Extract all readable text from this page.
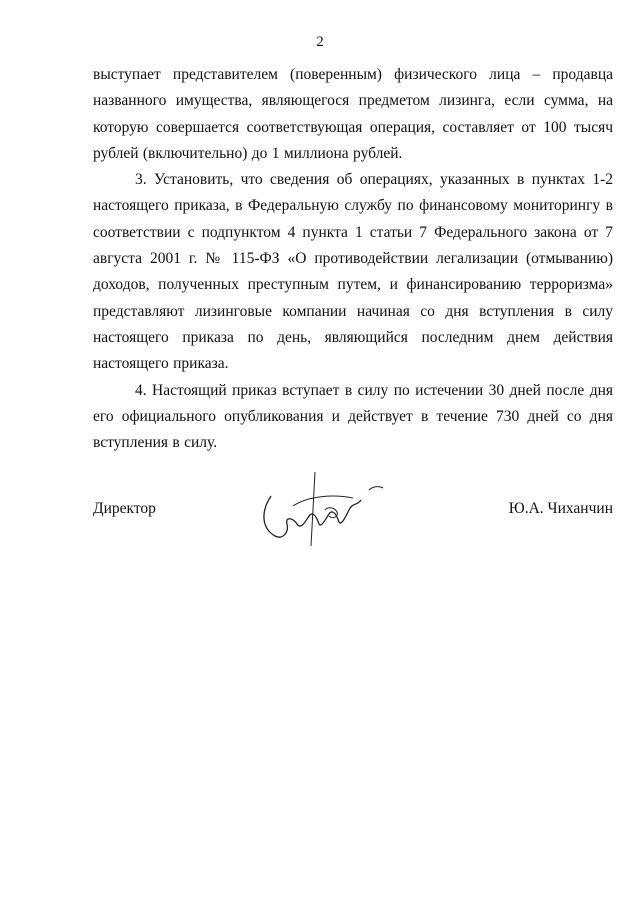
2

выступает представителем (поверенным) физического лица – продавца названного имущества, являющегося предметом лизинга, если сумма, на которую совершается соответствующая операция, составляет от 100 тысяч рублей (включительно) до 1 миллиона рублей.

3. Установить, что сведения об операциях, указанных в пунктах 1-2 настоящего приказа, в Федеральную службу по финансовому мониторингу в соответствии с подпунктом 4 пункта 1 статьи 7 Федерального закона от 7 августа 2001 г. № 115-ФЗ «О противодействии легализации (отмыванию) доходов, полученных преступным путем, и финансированию терроризма» представляют лизинговые компании начиная со дня вступления в силу настоящего приказа по день, являющийся последним днем действия настоящего приказа.

4. Настоящий приказ вступает в силу по истечении 30 дней после дня его официального опубликования и действует в течение 730 дней со дня вступления в силу.

Директор	Ю.А. Чиханчин
